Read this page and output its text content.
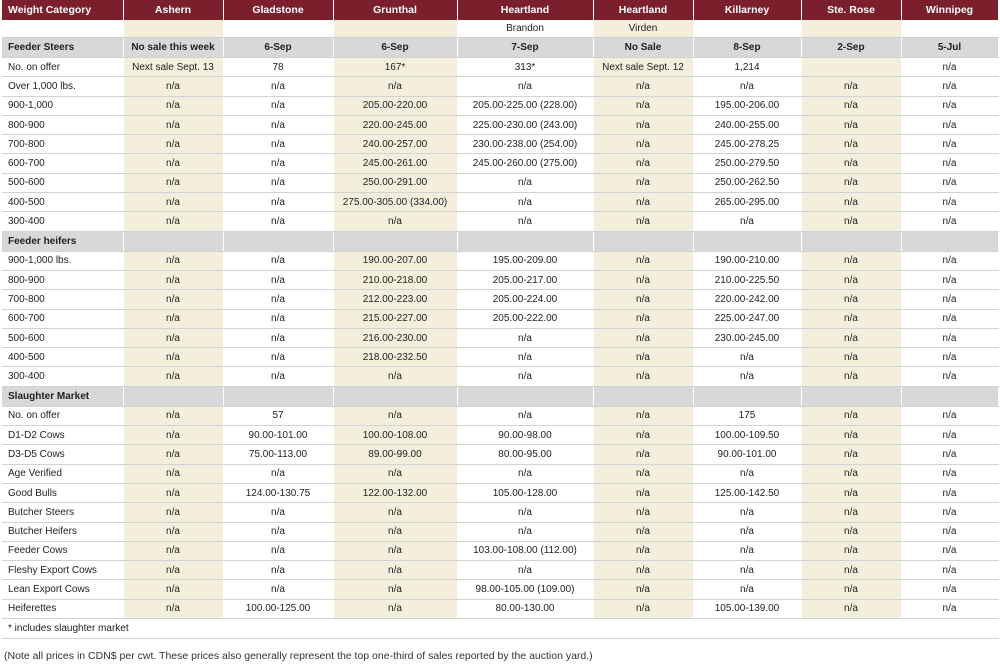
Weight Category	Ashern	Gladstone	Grunthal	Heartland	Heartland	Killarney	Ste. Rose	Winnipeg
				Brandon	Virden			
Feeder Steers	No sale this week	6-Sep	6-Sep	7-Sep	No Sale	8-Sep	2-Sep	5-Jul
No. on offer	Next sale Sept. 13	78	167*	313*	Next sale Sept. 12	1,214		n/a
Over 1,000 lbs.	n/a	n/a	n/a	n/a	n/a	n/a	n/a	n/a
900-1,000	n/a	n/a	205.00-220.00	205.00-225.00 (228.00)	n/a	195.00-206.00	n/a	n/a
800-900	n/a	n/a	220.00-245.00	225.00-230.00 (243.00)	n/a	240.00-255.00	n/a	n/a
700-800	n/a	n/a	240.00-257.00	230.00-238.00 (254.00)	n/a	245.00-278.25	n/a	n/a
600-700	n/a	n/a	245.00-261.00	245.00-260.00 (275.00)	n/a	250.00-279.50	n/a	n/a
500-600	n/a	n/a	250.00-291.00	n/a	n/a	250.00-262.50	n/a	n/a
400-500	n/a	n/a	275.00-305.00 (334.00)	n/a	n/a	265.00-295.00	n/a	n/a
300-400	n/a	n/a	n/a	n/a	n/a	n/a	n/a	n/a
Feeder heifers								
900-1,000 lbs.	n/a	n/a	190.00-207.00	195.00-209.00	n/a	190.00-210.00	n/a	n/a
800-900	n/a	n/a	210.00-218.00	205.00-217.00	n/a	210.00-225.50	n/a	n/a
700-800	n/a	n/a	212.00-223.00	205.00-224.00	n/a	220.00-242.00	n/a	n/a
600-700	n/a	n/a	215.00-227.00	205.00-222.00	n/a	225.00-247.00	n/a	n/a
500-600	n/a	n/a	216.00-230.00	n/a	n/a	230.00-245.00	n/a	n/a
400-500	n/a	n/a	218.00-232.50	n/a	n/a	n/a	n/a	n/a
300-400	n/a	n/a	n/a	n/a	n/a	n/a	n/a	n/a
Slaughter Market								
No. on offer	n/a	57	n/a	n/a	n/a	175	n/a	n/a
D1-D2 Cows	n/a	90.00-101.00	100.00-108.00	90.00-98.00	n/a	100.00-109.50	n/a	n/a
D3-D5 Cows	n/a	75.00-113.00	89.00-99.00	80.00-95.00	n/a	90.00-101.00	n/a	n/a
Age Verified	n/a	n/a	n/a	n/a	n/a	n/a	n/a	n/a
Good Bulls	n/a	124.00-130.75	122.00-132.00	105.00-128.00	n/a	125.00-142.50	n/a	n/a
Butcher Steers	n/a	n/a	n/a	n/a	n/a	n/a	n/a	n/a
Butcher Heifers	n/a	n/a	n/a	n/a	n/a	n/a	n/a	n/a
Feeder Cows	n/a	n/a	n/a	103.00-108.00 (112.00)	n/a	n/a	n/a	n/a
Fleshy Export Cows	n/a	n/a	n/a	n/a	n/a	n/a	n/a	n/a
Lean Export Cows	n/a	n/a	n/a	98.00-105.00 (109.00)	n/a	n/a	n/a	n/a
Heiferettes	n/a	100.00-125.00	n/a	80.00-130.00	n/a	105.00-139.00	n/a	n/a
* includes slaughter market								
(Note all prices in CDN$ per cwt. These prices also generally represent the top one-third of sales reported by the auction yard.)
